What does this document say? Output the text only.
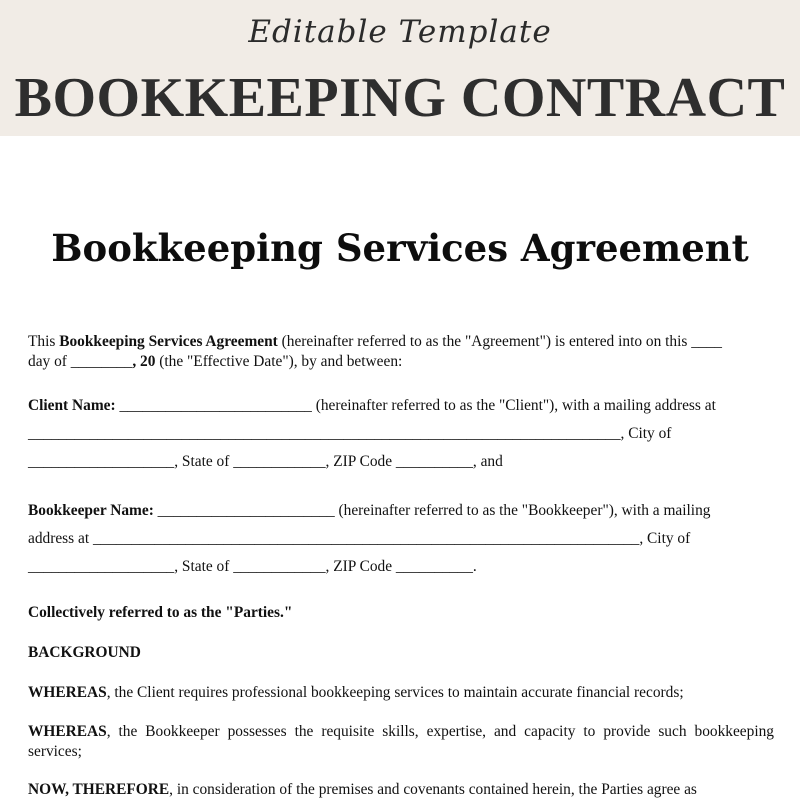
Editable Template
BOOKKEEPING CONTRACT
Bookkeeping Services Agreement
This Bookkeeping Services Agreement (hereinafter referred to as the "Agreement") is entered into on this ____
day of ________, 20 (the "Effective Date"), by and between:
Client Name: _________________________ (hereinafter referred to as the "Client"), with a mailing address at
_____________________________________________________________________________, City of
___________________, State of ____________, ZIP Code __________, and
Bookkeeper Name: _______________________ (hereinafter referred to as the "Bookkeeper"), with a mailing
address at _______________________________________________________________________, City of
___________________, State of ____________, ZIP Code __________.
Collectively referred to as the "Parties."
BACKGROUND
WHEREAS, the Client requires professional bookkeeping services to maintain accurate financial records;
WHEREAS, the Bookkeeper possesses the requisite skills, expertise, and capacity to provide such bookkeeping services;
NOW, THEREFORE, in consideration of the premises and covenants contained herein, the Parties agree as
